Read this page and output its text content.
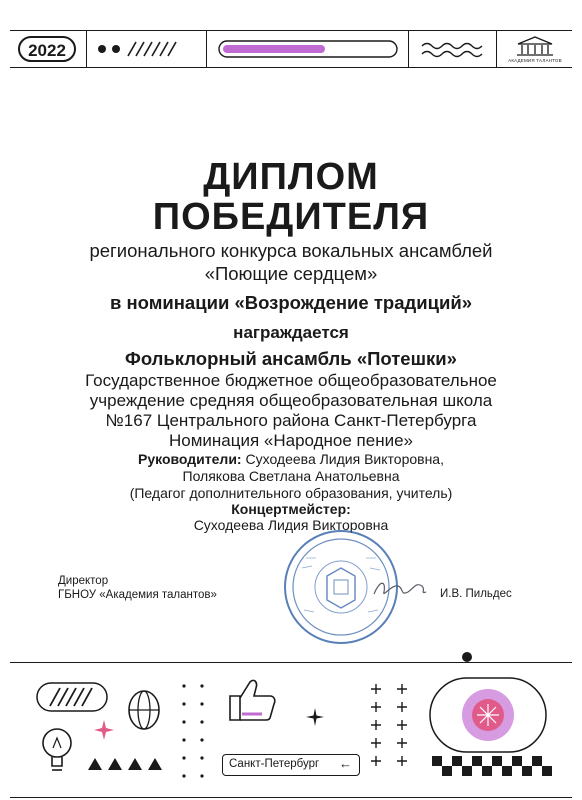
2022
АКАДЕМИЯ ТАЛАНТОВ
ДИПЛОМ
ПОБЕДИТЕЛЯ
регионального конкурса вокальных ансамблей
«Поющие сердцем»
в номинации «Возрождение традиций»
награждается
Фольклорный ансамбль «Потешки»
Государственное бюджетное общеобразовательное
учреждение средняя общеобразовательная школа
№167 Центрального района Санкт-Петербурга
Номинация «Народное пение»
Руководители: Суходеева Лидия Викторовна,
Полякова Светлана Анатольевна
(Педагог дополнительного образования, учитель)
Концертмейстер:
Суходеева Лидия Викторовна
Директор
ГБНОУ «Академия талантов»	И.В. Пильдес
Санкт-Петербург ←
